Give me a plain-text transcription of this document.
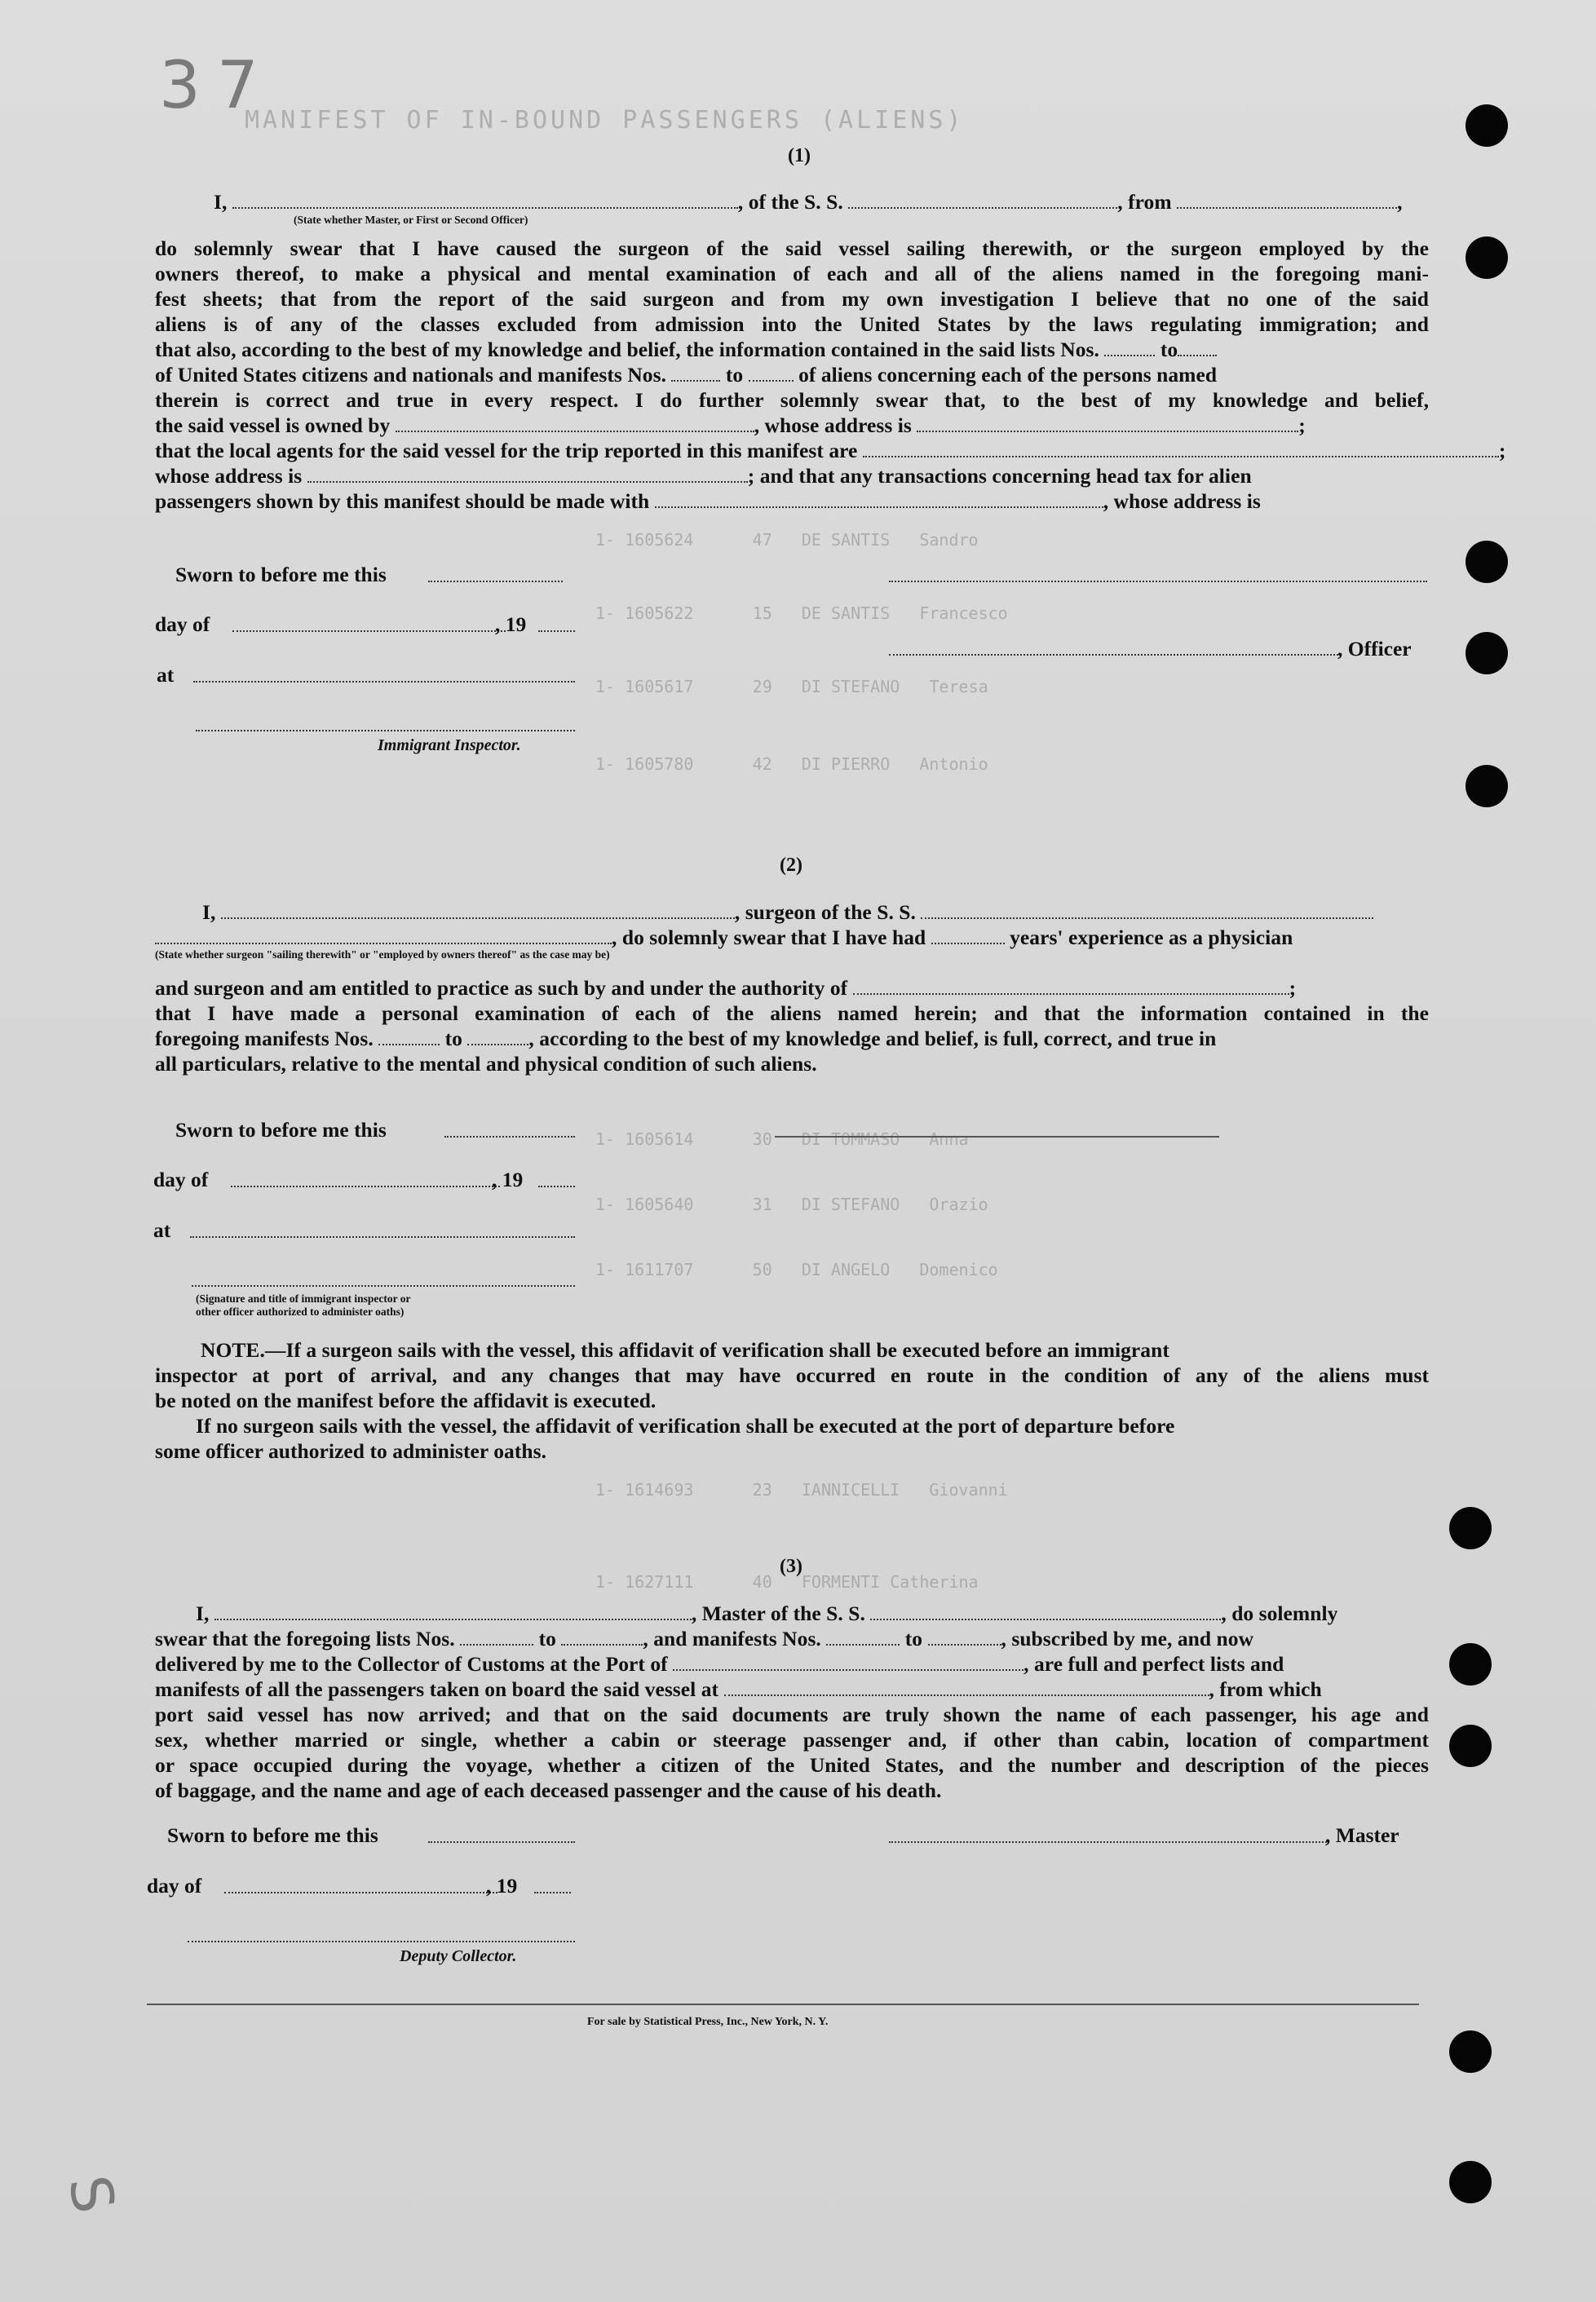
37
MANIFEST OF IN-BOUND PASSENGERS (ALIENS)
S
(1)
I,	, of the S. S.	, from	,
(State whether Master, or First or Second Officer)
do solemnly swear that I have caused the surgeon of the said vessel sailing therewith, or the surgeon employed by the
owners thereof, to make a physical and mental examination of each and all of the aliens named in the foregoing mani-
fest sheets; that from the report of the said surgeon and from my own investigation I believe that no one of the said
aliens is of any of the classes excluded from admission into the United States by the laws regulating immigration; and
that also, according to the best of my knowledge and belief, the information contained in the said lists Nos.	to
of United States citizens and nationals and manifests Nos.	to	of aliens concerning each of the persons named
therein is correct and true in every respect. I do further solemnly swear that, to the best of my knowledge and belief,
the said vessel is owned by	, whose address is	;
that the local agents for the said vessel for the trip reported in this manifest are	;
whose address is	; and that any transactions concerning head tax for alien
passengers shown by this manifest should be made with	, whose address is
Sworn to before me this
day of	, 19
, Officer
at
Immigrant Inspector.
1- 1605624      47   DE SANTIS   Sandro
1- 1605622      15   DE SANTIS   Francesco
1- 1605617      29   DI STEFANO   Teresa
1- 1605780      42   DI PIERRO   Antonio
1- 1605614      30   DI TOMMASO   Anna
1- 1605640      31   DI STEFANO   Orazio
1- 1611707      50   DI ANGELO   Domenico
1- 1614693      23   IANNICELLI   Giovanni
1- 1627111      40   FORMENTI Catherina
(2)
I,	, surgeon of the S. S.
, do solemnly swear that I have had	years' experience as a physician
(State whether surgeon "sailing therewith" or "employed by owners thereof" as the case may be)
and surgeon and am entitled to practice as such by and under the authority of	;
that I have made a personal examination of each of the aliens named herein; and that the information contained in the
foregoing manifests Nos.	to	, according to the best of my knowledge and belief, is full, correct, and true in
all particulars, relative to the mental and physical condition of such aliens.
Sworn to before me this
day of	, 19
at
(Signature and title of immigrant inspector or
other officer authorized to administer oaths)
NOTE.—If a surgeon sails with the vessel, this affidavit of verification shall be executed before an immigrant
inspector at port of arrival, and any changes that may have occurred en route in the condition of any of the aliens must
be noted on the manifest before the affidavit is executed.
If no surgeon sails with the vessel, the affidavit of verification shall be executed at the port of departure before
some officer authorized to administer oaths.
(3)
I,	, Master of the S. S.	, do solemnly
swear that the foregoing lists Nos.	to	, and manifests Nos.	to	, subscribed by me, and now
delivered by me to the Collector of Customs at the Port of	, are full and perfect lists and
manifests of all the passengers taken on board the said vessel at	, from which
port said vessel has now arrived; and that on the said documents are truly shown the name of each passenger, his age and
sex, whether married or single, whether a cabin or steerage passenger and, if other than cabin, location of compartment
or space occupied during the voyage, whether a citizen of the United States, and the number and description of the pieces
of baggage, and the name and age of each deceased passenger and the cause of his death.
Sworn to before me this	, Master
day of	, 19
Deputy Collector.
For sale by Statistical Press, Inc., New York, N. Y.
